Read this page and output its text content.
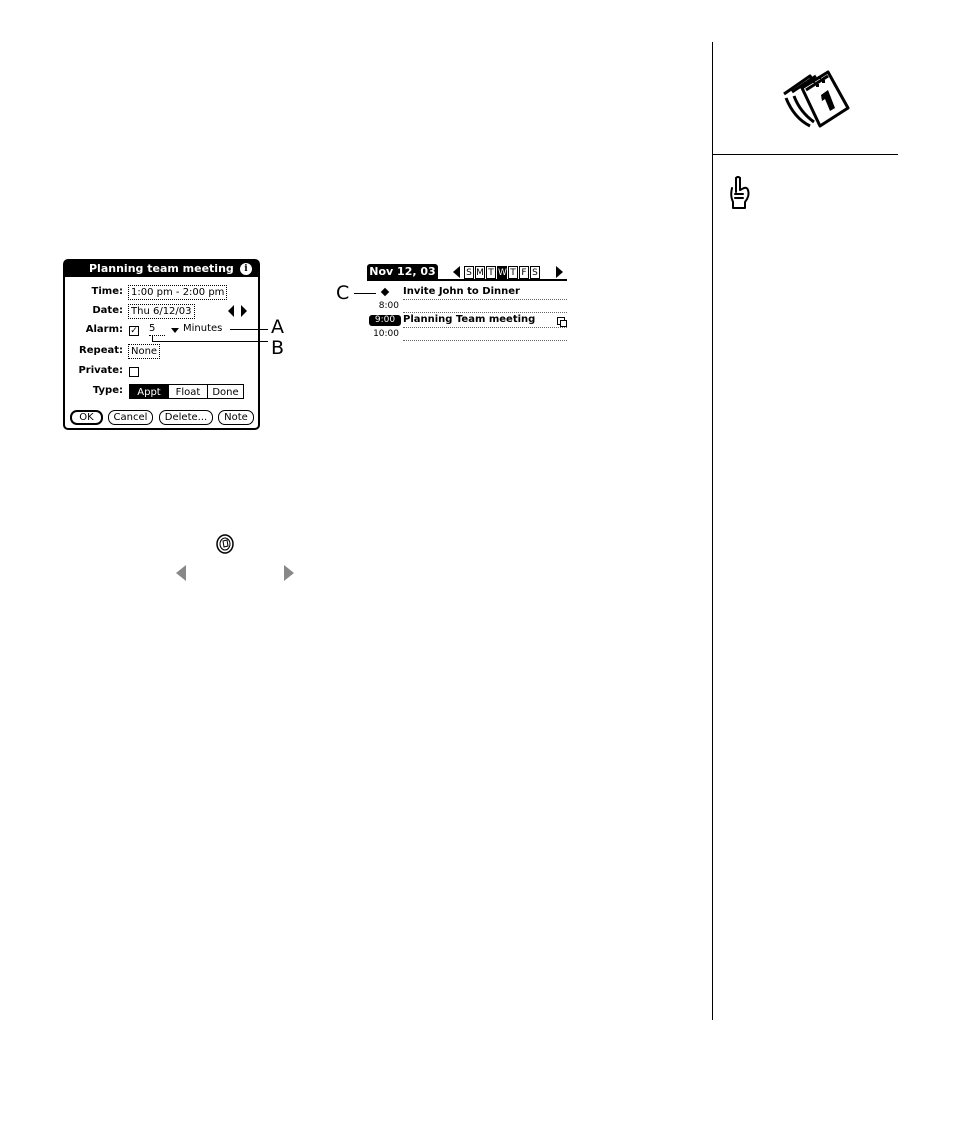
Planning team meeting	i
Time: 1:00 pm - 2:00 pm
Date: Thu 6/12/03
Alarm: ✓ 5	Minutes
Repeat: None
Private:
Type:	Appt	Float	Done
OK	Cancel	Delete...	Note
A
B
Nov 12, 03	S M T W T F S
Invite John to Dinner
8:00
9:00 Planning Team meeting
10:00
C
